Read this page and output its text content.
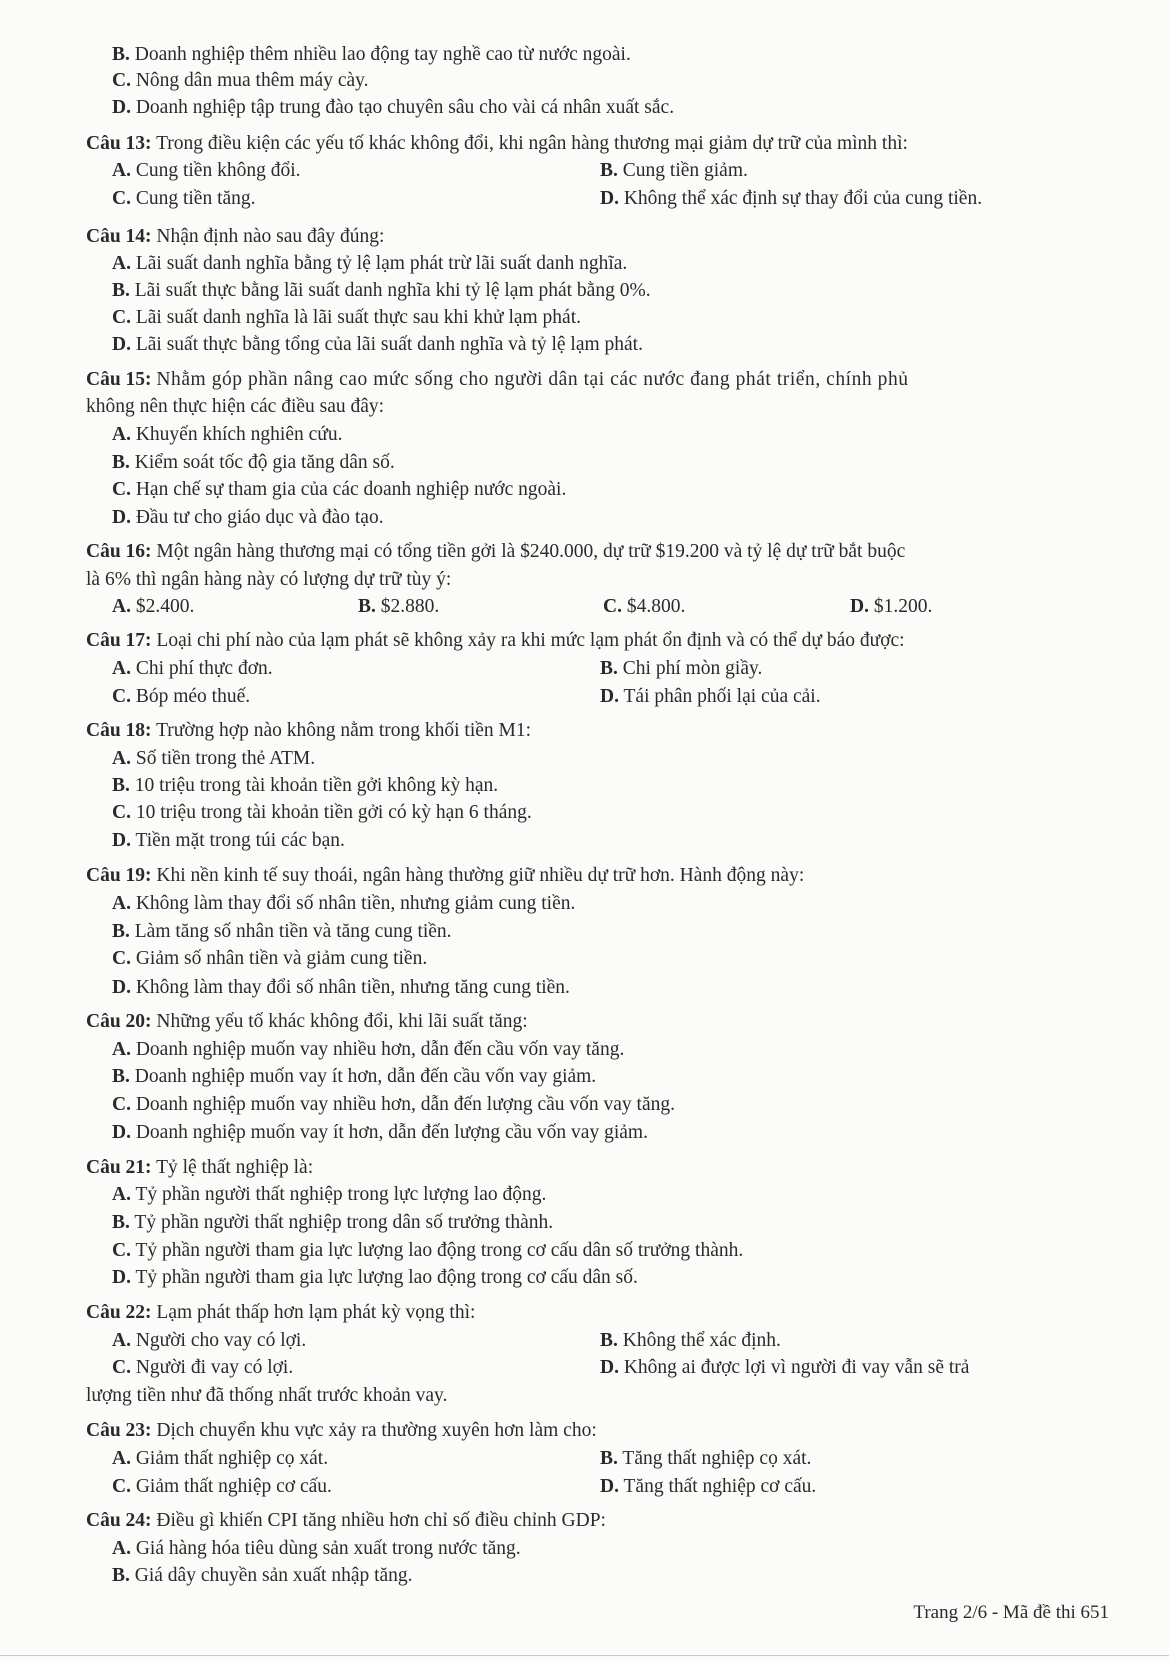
B. Doanh nghiệp thêm nhiều lao động tay nghề cao từ nước ngoài.
C. Nông dân mua thêm máy cày.
D. Doanh nghiệp tập trung đào tạo chuyên sâu cho vài cá nhân xuất sắc.
Câu 13: Trong điều kiện các yếu tố khác không đổi, khi ngân hàng thương mại giảm dự trữ của mình thì:
A. Cung tiền không đổi.	B. Cung tiền giảm.
C. Cung tiền tăng.	D. Không thể xác định sự thay đổi của cung tiền.
Câu 14: Nhận định nào sau đây đúng:
A. Lãi suất danh nghĩa bằng tỷ lệ lạm phát trừ lãi suất danh nghĩa.
B. Lãi suất thực bằng lãi suất danh nghĩa khi tỷ lệ lạm phát bằng 0%.
C. Lãi suất danh nghĩa là lãi suất thực sau khi khử lạm phát.
D. Lãi suất thực bằng tổng của lãi suất danh nghĩa và tỷ lệ lạm phát.
Câu 15: Nhằm góp phần nâng cao mức sống cho người dân tại các nước đang phát triển, chính phủ
không nên thực hiện các điều sau đây:
A. Khuyến khích nghiên cứu.
B. Kiểm soát tốc độ gia tăng dân số.
C. Hạn chế sự tham gia của các doanh nghiệp nước ngoài.
D. Đầu tư cho giáo dục và đào tạo.
Câu 16: Một ngân hàng thương mại có tổng tiền gởi là $240.000, dự trữ $19.200 và tỷ lệ dự trữ bắt buộc
là 6% thì ngân hàng này có lượng dự trữ tùy ý:
A. $2.400.	B. $2.880.	C. $4.800.	D. $1.200.
Câu 17: Loại chi phí nào của lạm phát sẽ không xảy ra khi mức lạm phát ổn định và có thể dự báo được:
A. Chi phí thực đơn.	B. Chi phí mòn giầy.
C. Bóp méo thuế.	D. Tái phân phối lại của cải.
Câu 18: Trường hợp nào không nằm trong khối tiền M1:
A. Số tiền trong thẻ ATM.
B. 10 triệu trong tài khoản tiền gởi không kỳ hạn.
C. 10 triệu trong tài khoản tiền gởi có kỳ hạn 6 tháng.
D. Tiền mặt trong túi các bạn.
Câu 19: Khi nền kinh tế suy thoái, ngân hàng thường giữ nhiều dự trữ hơn. Hành động này:
A. Không làm thay đổi số nhân tiền, nhưng giảm cung tiền.
B. Làm tăng số nhân tiền và tăng cung tiền.
C. Giảm số nhân tiền và giảm cung tiền.
D. Không làm thay đổi số nhân tiền, nhưng tăng cung tiền.
Câu 20: Những yếu tố khác không đổi, khi lãi suất tăng:
A. Doanh nghiệp muốn vay nhiều hơn, dẫn đến cầu vốn vay tăng.
B. Doanh nghiệp muốn vay ít hơn, dẫn đến cầu vốn vay giảm.
C. Doanh nghiệp muốn vay nhiều hơn, dẫn đến lượng cầu vốn vay tăng.
D. Doanh nghiệp muốn vay ít hơn, dẫn đến lượng cầu vốn vay giảm.
Câu 21: Tỷ lệ thất nghiệp là:
A. Tỷ phần người thất nghiệp trong lực lượng lao động.
B. Tỷ phần người thất nghiệp trong dân số trưởng thành.
C. Tỷ phần người tham gia lực lượng lao động trong cơ cấu dân số trưởng thành.
D. Tỷ phần người tham gia lực lượng lao động trong cơ cấu dân số.
Câu 22: Lạm phát thấp hơn lạm phát kỳ vọng thì:
A. Người cho vay có lợi.	B. Không thể xác định.
C. Người đi vay có lợi.	D. Không ai được lợi vì người đi vay vẫn sẽ trả
lượng tiền như đã thống nhất trước khoản vay.
Câu 23: Dịch chuyển khu vực xảy ra thường xuyên hơn làm cho:
A. Giảm thất nghiệp cọ xát.	B. Tăng thất nghiệp cọ xát.
C. Giảm thất nghiệp cơ cấu.	D. Tăng thất nghiệp cơ cấu.
Câu 24: Điều gì khiến CPI tăng nhiều hơn chỉ số điều chỉnh GDP:
A. Giá hàng hóa tiêu dùng sản xuất trong nước tăng.
B. Giá dây chuyền sản xuất nhập tăng.
Trang 2/6 - Mã đề thi 651
